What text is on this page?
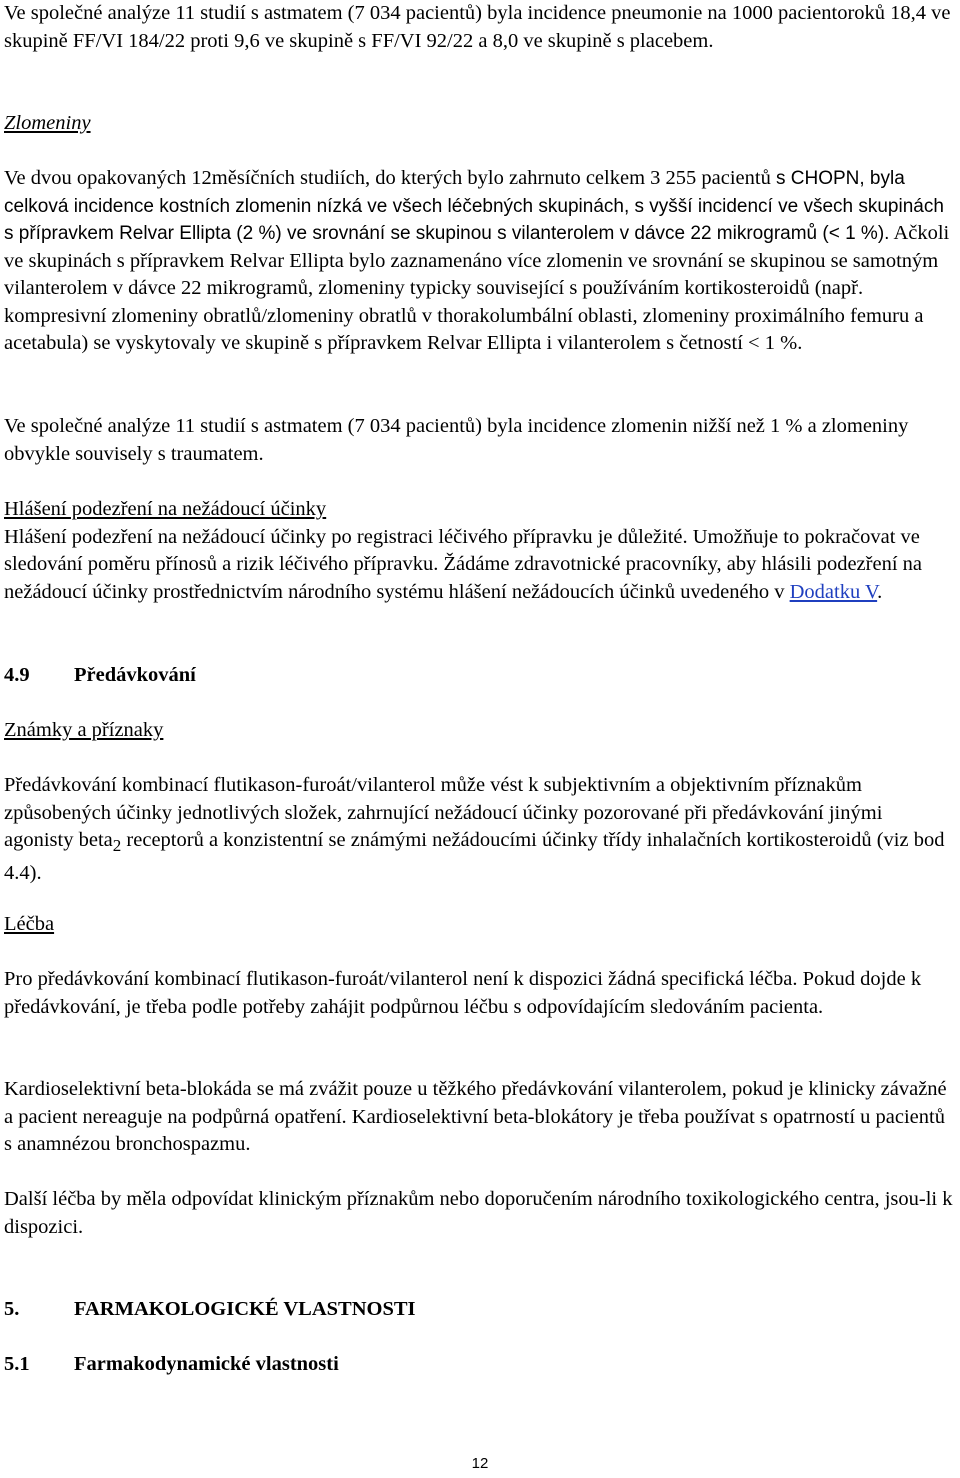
Ve společné analýze 11 studií s astmatem (7 034 pacientů) byla incidence pneumonie na 1000 pacientoroků 18,4 ve skupině FF/VI 184/22 proti 9,6 ve skupině s FF/VI 92/22 a 8,0 ve skupině s placebem.

Zlomeniny

Ve dvou opakovaných 12měsíčních studiích, do kterých bylo zahrnuto celkem 3 255 pacientů s CHOPN, byla celková incidence kostních zlomenin nízká ve všech léčebných skupinách, s vyšší incidencí ve všech skupinách s přípravkem Relvar Ellipta (2 %) ve srovnání se skupinou s vilanterolem v dávce 22 mikrogramů (< 1 %). Ačkoli ve skupinách s přípravkem Relvar Ellipta bylo zaznamenáno více zlomenin ve srovnání se skupinou se samotným vilanterolem v dávce 22 mikrogramů, zlomeniny typicky související s používáním kortikosteroidů (např. kompresivní zlomeniny obratlů/zlomeniny obratlů v thorakolumbální oblasti, zlomeniny proximálního femuru a acetabula) se vyskytovaly ve skupině s přípravkem Relvar Ellipta i vilanterolem s četností < 1 %.

Ve společné analýze 11 studií s astmatem (7 034 pacientů) byla incidence zlomenin nižší než 1 % a zlomeniny obvykle souvisely s traumatem.

Hlášení podezření na nežádoucí účinky
Hlášení podezření na nežádoucí účinky po registraci léčivého přípravku je důležité. Umožňuje to pokračovat ve sledování poměru přínosů a rizik léčivého přípravku. Žádáme zdravotnické pracovníky, aby hlásili podezření na nežádoucí účinky prostřednictvím národního systému hlášení nežádoucích účinků uvedeného v Dodatku V.
4.9 Předávkování

Známky a příznaky

Předávkování kombinací flutikason-furoát/vilanterol může vést k subjektivním a objektivním příznakům způsobených účinky jednotlivých složek, zahrnující nežádoucí účinky pozorované při předávkování jinými agonisty beta$_2$ receptorů a konzistentní se známými nežádoucími účinky třídy inhalačních kortikosteroidů (viz bod 4.4).

Léčba

Pro předávkování kombinací flutikason-furoát/vilanterol není k dispozici žádná specifická léčba. Pokud dojde k předávkování, je třeba podle potřeby zahájit podpůrnou léčbu s odpovídajícím sledováním pacienta.

Kardioselektivní beta-blokáda se má zvážit pouze u těžkého předávkování vilanterolem, pokud je klinicky závažné a pacient nereaguje na podpůrná opatření. Kardioselektivní beta-blokátory je třeba používat s opatrností u pacientů s anamnézou bronchospazmu.

Další léčba by měla odpovídat klinickým příznakům nebo doporučením národního toxikologického centra, jsou-li k dispozici.

5.	FARMAKOLOGICKÉ VLASTNOSTI
5.1 Farmakodynamické vlastnosti
12
